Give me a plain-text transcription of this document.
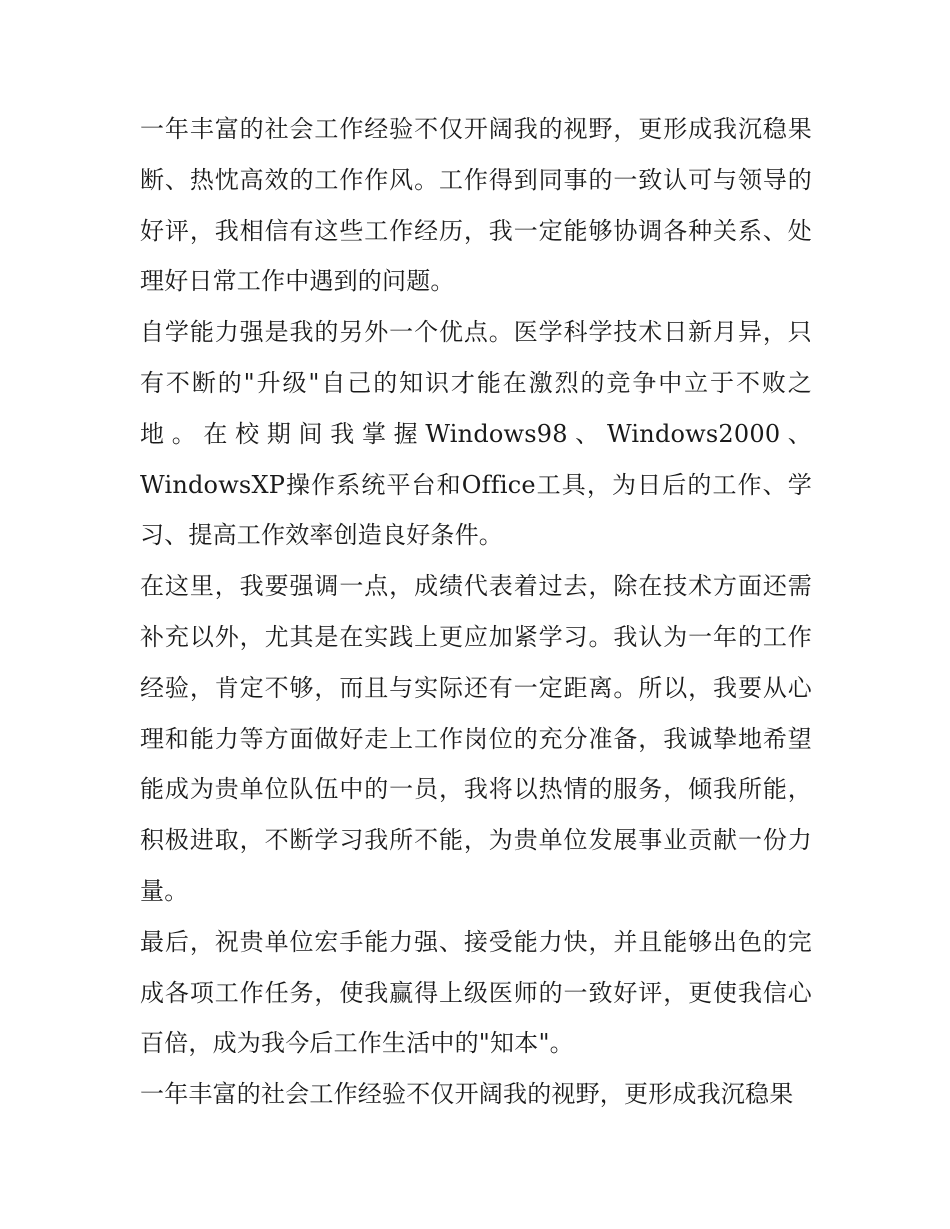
一年丰富的社会工作经验不仅开阔我的视野，更形成我沉稳果断、热忱高效的工作作风。工作得到同事的一致认可与领导的好评，我相信有这些工作经历，我一定能够协调各种关系、处理好日常工作中遇到的问题。

自学能力强是我的另外一个优点。医学科学技术日新月异，只有不断的"升级"自己的知识才能在激烈的竞争中立于不败之地。在校期间我掌握Windows98、Windows2000、WindowsXP操作系统平台和Office工具，为日后的工作、学习、提高工作效率创造良好条件。

在这里，我要强调一点，成绩代表着过去，除在技术方面还需补充以外，尤其是在实践上更应加紧学习。我认为一年的工作经验，肯定不够，而且与实际还有一定距离。所以，我要从心理和能力等方面做好走上工作岗位的充分准备，我诚挚地希望能成为贵单位队伍中的一员，我将以热情的服务，倾我所能，积极进取，不断学习我所不能，为贵单位发展事业贡献一份力量。

最后，祝贵单位宏手能力强、接受能力快，并且能够出色的完成各项工作任务，使我赢得上级医师的一致好评，更使我信心百倍，成为我今后工作生活中的"知本"。

一年丰富的社会工作经验不仅开阔我的视野，更形成我沉稳果
